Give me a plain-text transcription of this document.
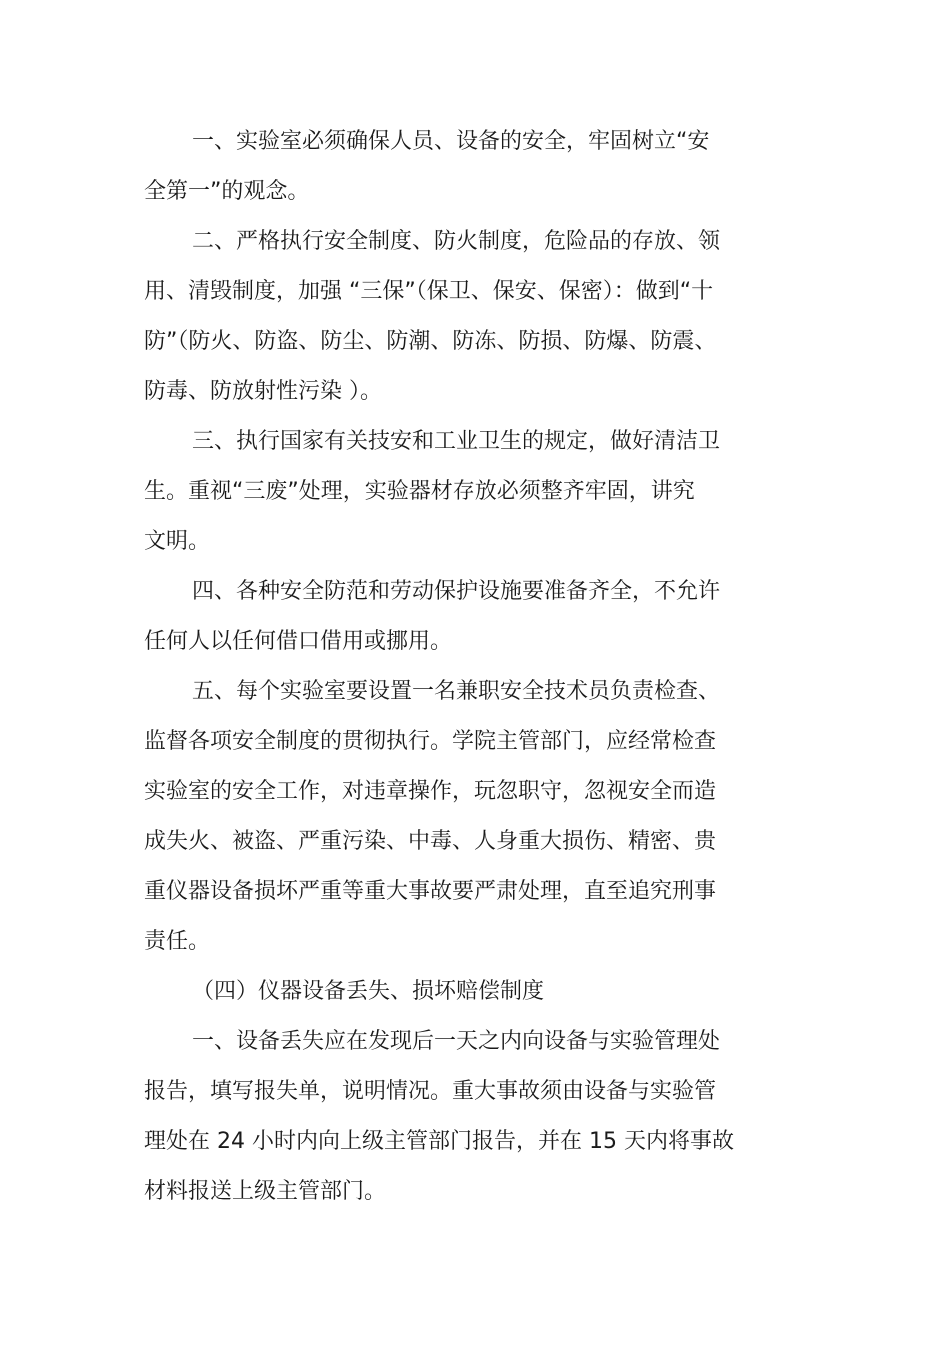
一、实验室必须确保人员、设备的安全，牢固树立“安
全第一”的观念。
二、严格执行安全制度、防火制度，危险品的存放、领
用、清毁制度，加强 “三保”（保卫、保安、保密）：做到“十
防”（防火、防盗、防尘、防潮、防冻、防损、防爆、防震、
防毒、防放射性污染 ）。
三、执行国家有关技安和工业卫生的规定，做好清洁卫
生。重视“三废”处理，实验器材存放必须整齐牢固，讲究
文明。
四、各种安全防范和劳动保护设施要准备齐全，不允许
任何人以任何借口借用或挪用。
五、每个实验室要设置一名兼职安全技术员负责检查、
监督各项安全制度的贯彻执行。学院主管部门，应经常检查
实验室的安全工作，对违章操作，玩忽职守，忽视安全而造
成失火、被盗、严重污染、中毒、人身重大损伤、精密、贵
重仪器设备损坏严重等重大事故要严肃处理，直至追究刑事
责任。
（四）仪器设备丢失、损坏赔偿制度
一、设备丢失应在发现后一天之内向设备与实验管理处
报告，填写报失单，说明情况。重大事故须由设备与实验管
理处在 24 小时内向上级主管部门报告，并在 15 天内将事故
材料报送上级主管部门。
